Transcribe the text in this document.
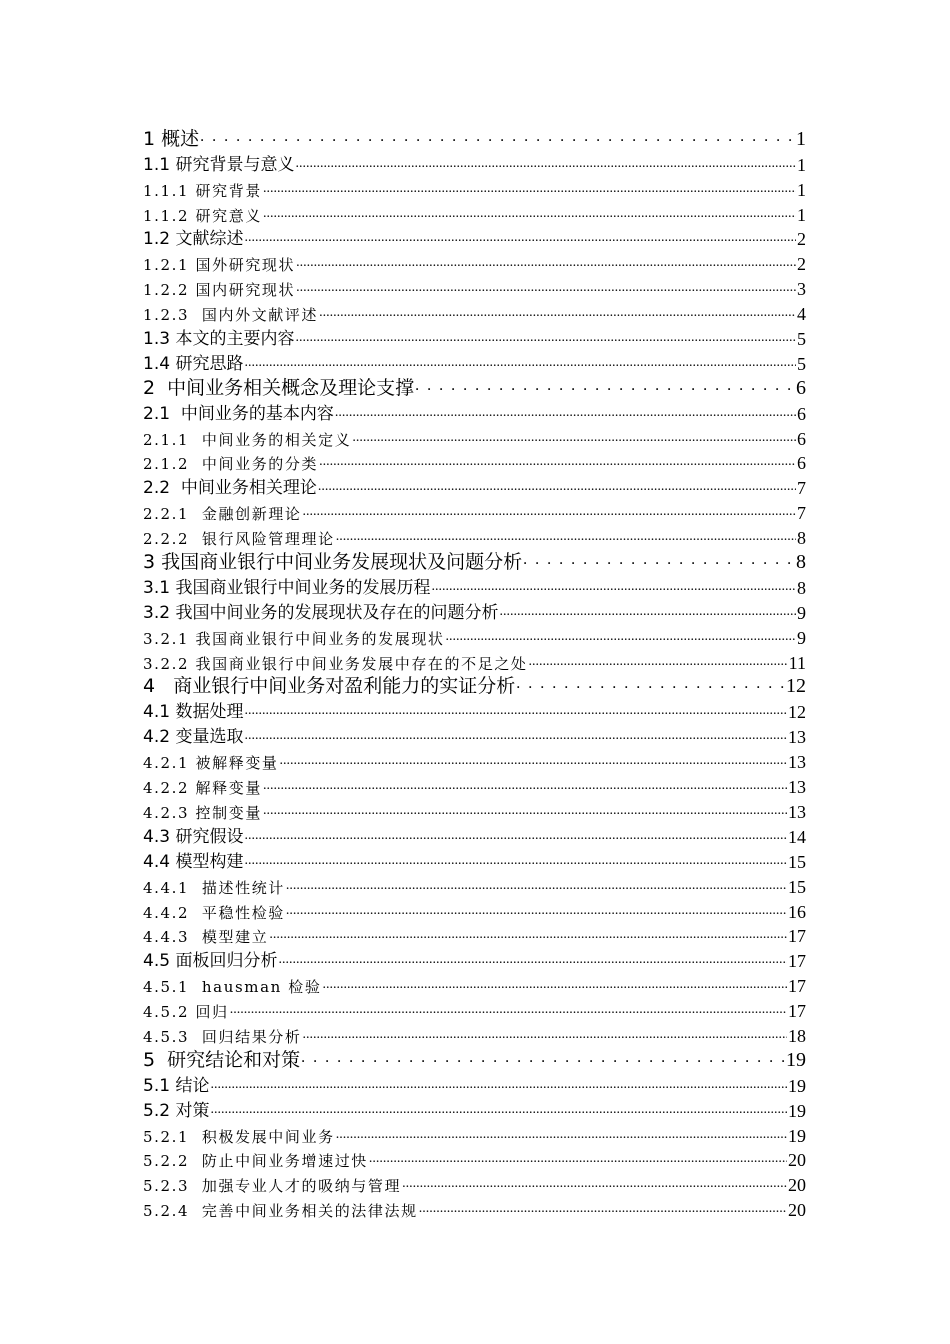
1 概述 . . .	1
1.1 研究背景与意义 .....	1
1.1.1 研究背景 .....	1
1.1.2 研究意义 .....	1
1.2 文献综述 .....	2
1.2.1 国外研究现状 .....	2
1.2.2 国内研究现状 .....	3
1.2.3  国内外文献评述 .....	4
1.3 本文的主要内容 .....	5
1.4 研究思路 .....	5
2  中间业务相关概念及理论支撑 . . .	6
2.1  中间业务的基本内容 .....	6
2.1.1  中间业务的相关定义 .....	6
2.1.2  中间业务的分类 .....	6
2.2  中间业务相关理论 .....	7
2.2.1  金融创新理论 .....	7
2.2.2  银行风险管理理论 .....	8
3 我国商业银行中间业务发展现状及问题分析 . . .	8
3.1 我国商业银行中间业务的发展历程 .....	8
3.2 我国中间业务的发展现状及存在的问题分析 .....	9
3.2.1 我国商业银行中间业务的发展现状 .....	9
3.2.2 我国商业银行中间业务发展中存在的不足之处 .....	11
4   商业银行中间业务对盈利能力的实证分析 . . .	12
4.1 数据处理 .....	12
4.2 变量选取 .....	13
4.2.1 被解释变量 .....	13
4.2.2 解释变量 .....	13
4.2.3 控制变量 .....	13
4.3 研究假设 .....	14
4.4 模型构建 .....	15
4.4.1  描述性统计 .....	15
4.4.2  平稳性检验 .....	16
4.4.3  模型建立 .....	17
4.5 面板回归分析 .....	17
4.5.1  hausman 检验 .....	17
4.5.2 回归 .....	17
4.5.3  回归结果分析 .....	18
5  研究结论和对策 . . .	19
5.1 结论 .....	19
5.2 对策 .....	19
5.2.1  积极发展中间业务 .....	19
5.2.2  防止中间业务增速过快 .....	20
5.2.3  加强专业人才的吸纳与管理 .....	20
5.2.4  完善中间业务相关的法律法规 .....	20
